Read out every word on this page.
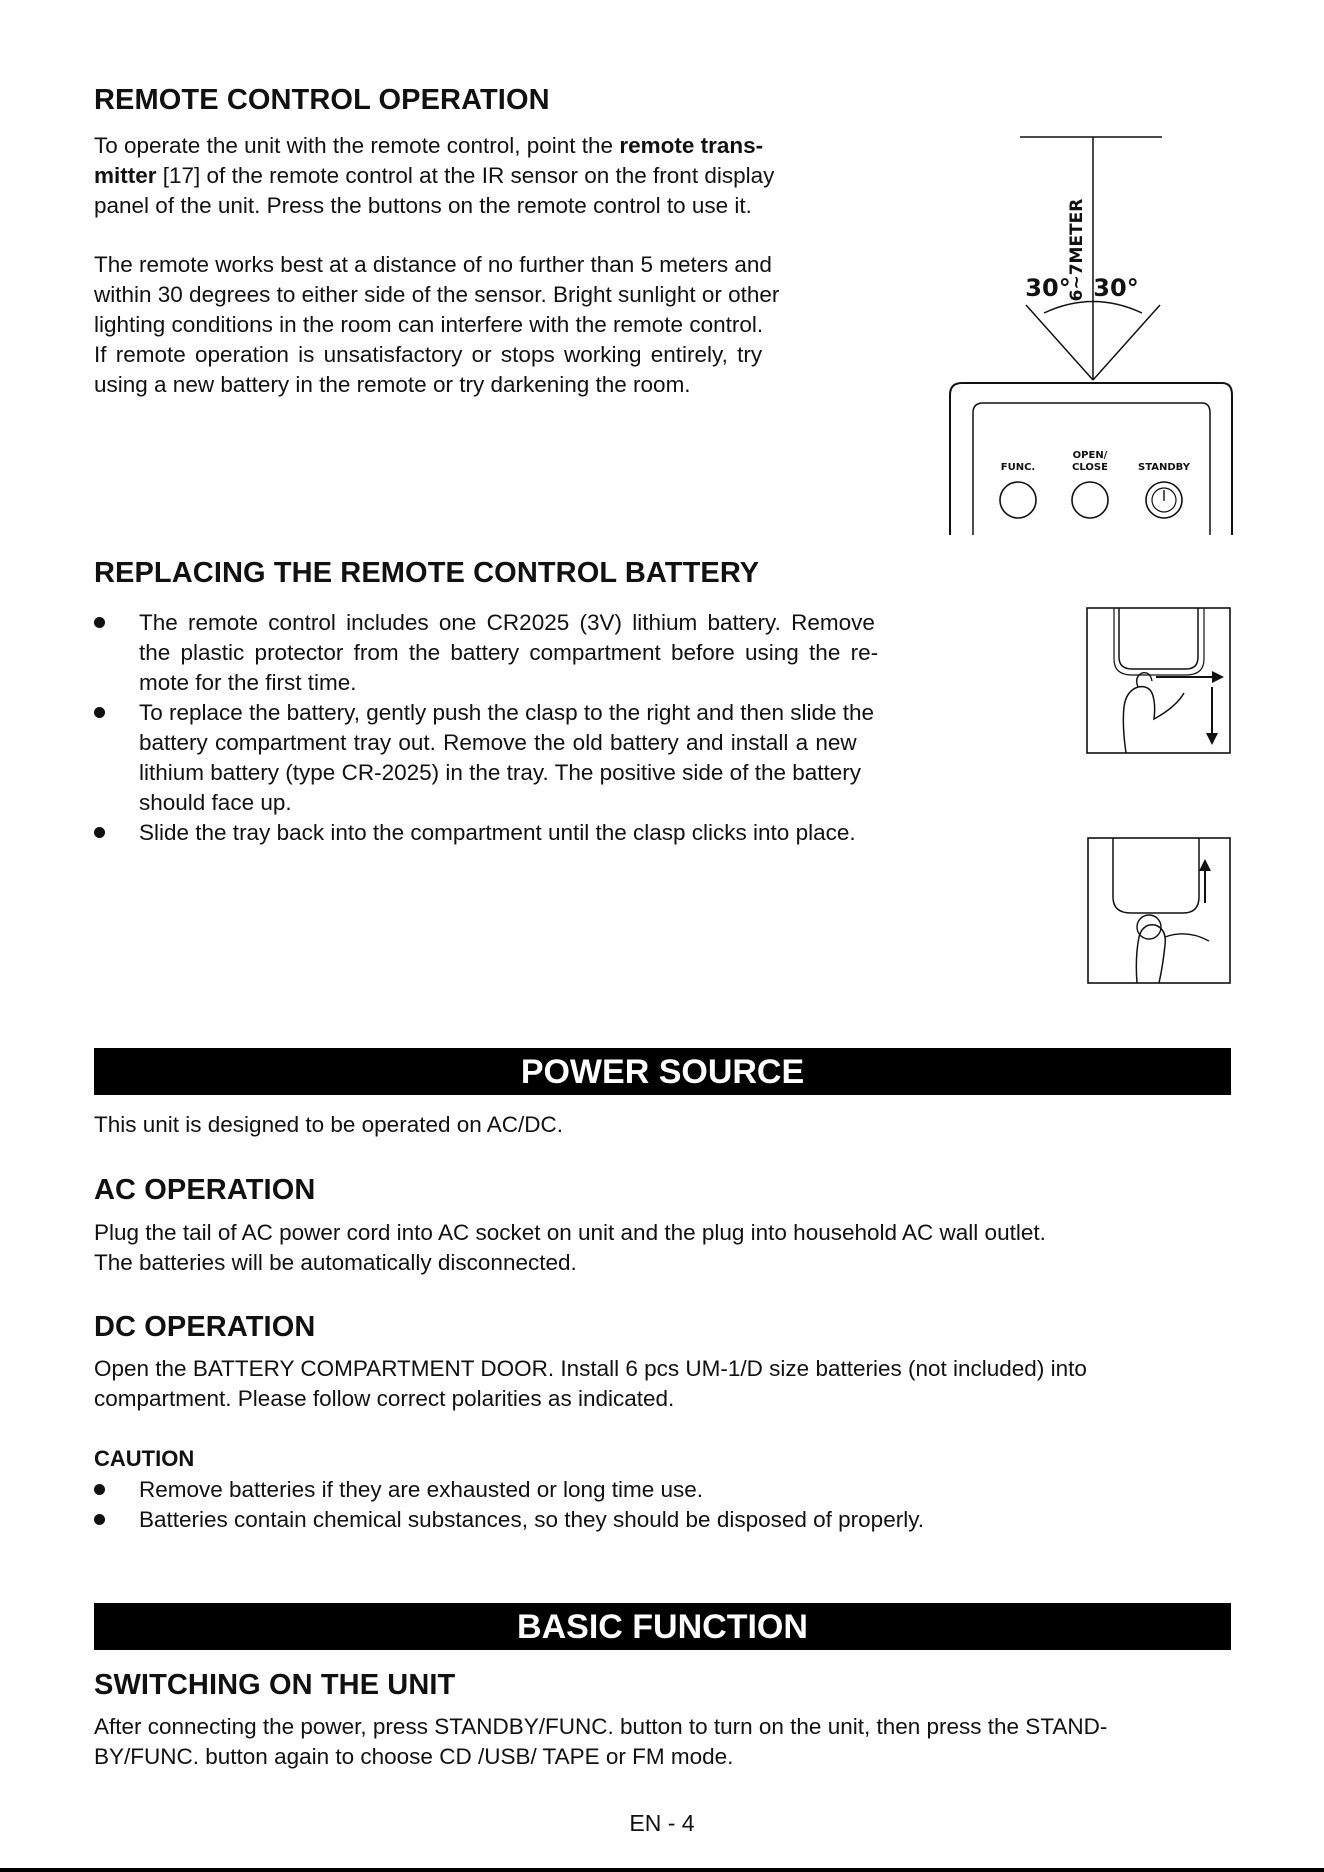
REMOTE CONTROL OPERATION
To operate the unit with the remote control, point the remote trans-
mitter [17] of the remote control at the IR sensor on the front display
panel of the unit. Press the buttons on the remote control to use it.
The remote works best at a distance of no further than 5 meters and
within 30 degrees to either side of the sensor. Bright sunlight or other
lighting conditions in the room can interfere with the remote control.
If remote operation is unsatisfactory or stops working entirely, try
using a new battery in the remote or try darkening the room.
6~7METER
30° 30°
FUNC.
OPEN/
CLOSE	STANDBY
REPLACING THE REMOTE CONTROL BATTERY
The remote control includes one CR2025 (3V) lithium battery. Remove
the plastic protector from the battery compartment before using the re-
mote for the first time.
To replace the battery, gently push the clasp to the right and then slide the
battery compartment tray out. Remove the old battery and install a new
lithium battery (type CR-2025) in the tray. The positive side of the battery
should face up.
Slide the tray back into the compartment until the clasp clicks into place.
POWER SOURCE
This unit is designed to be operated on AC/DC.
AC OPERATION
Plug the tail of AC power cord into AC socket on unit and the plug into household AC wall outlet.
The batteries will be automatically disconnected.
DC OPERATION
Open the BATTERY COMPARTMENT DOOR. Install 6 pcs UM-1/D size batteries (not included) into
compartment. Please follow correct polarities as indicated.
CAUTION
Remove batteries if they are exhausted or long time use.
Batteries contain chemical substances, so they should be disposed of properly.
BASIC FUNCTION
SWITCHING ON THE UNIT
After connecting the power, press STANDBY/FUNC. button to turn on the unit, then press the STAND-
BY/FUNC. button again to choose CD /USB/ TAPE or FM mode.
EN - 4
